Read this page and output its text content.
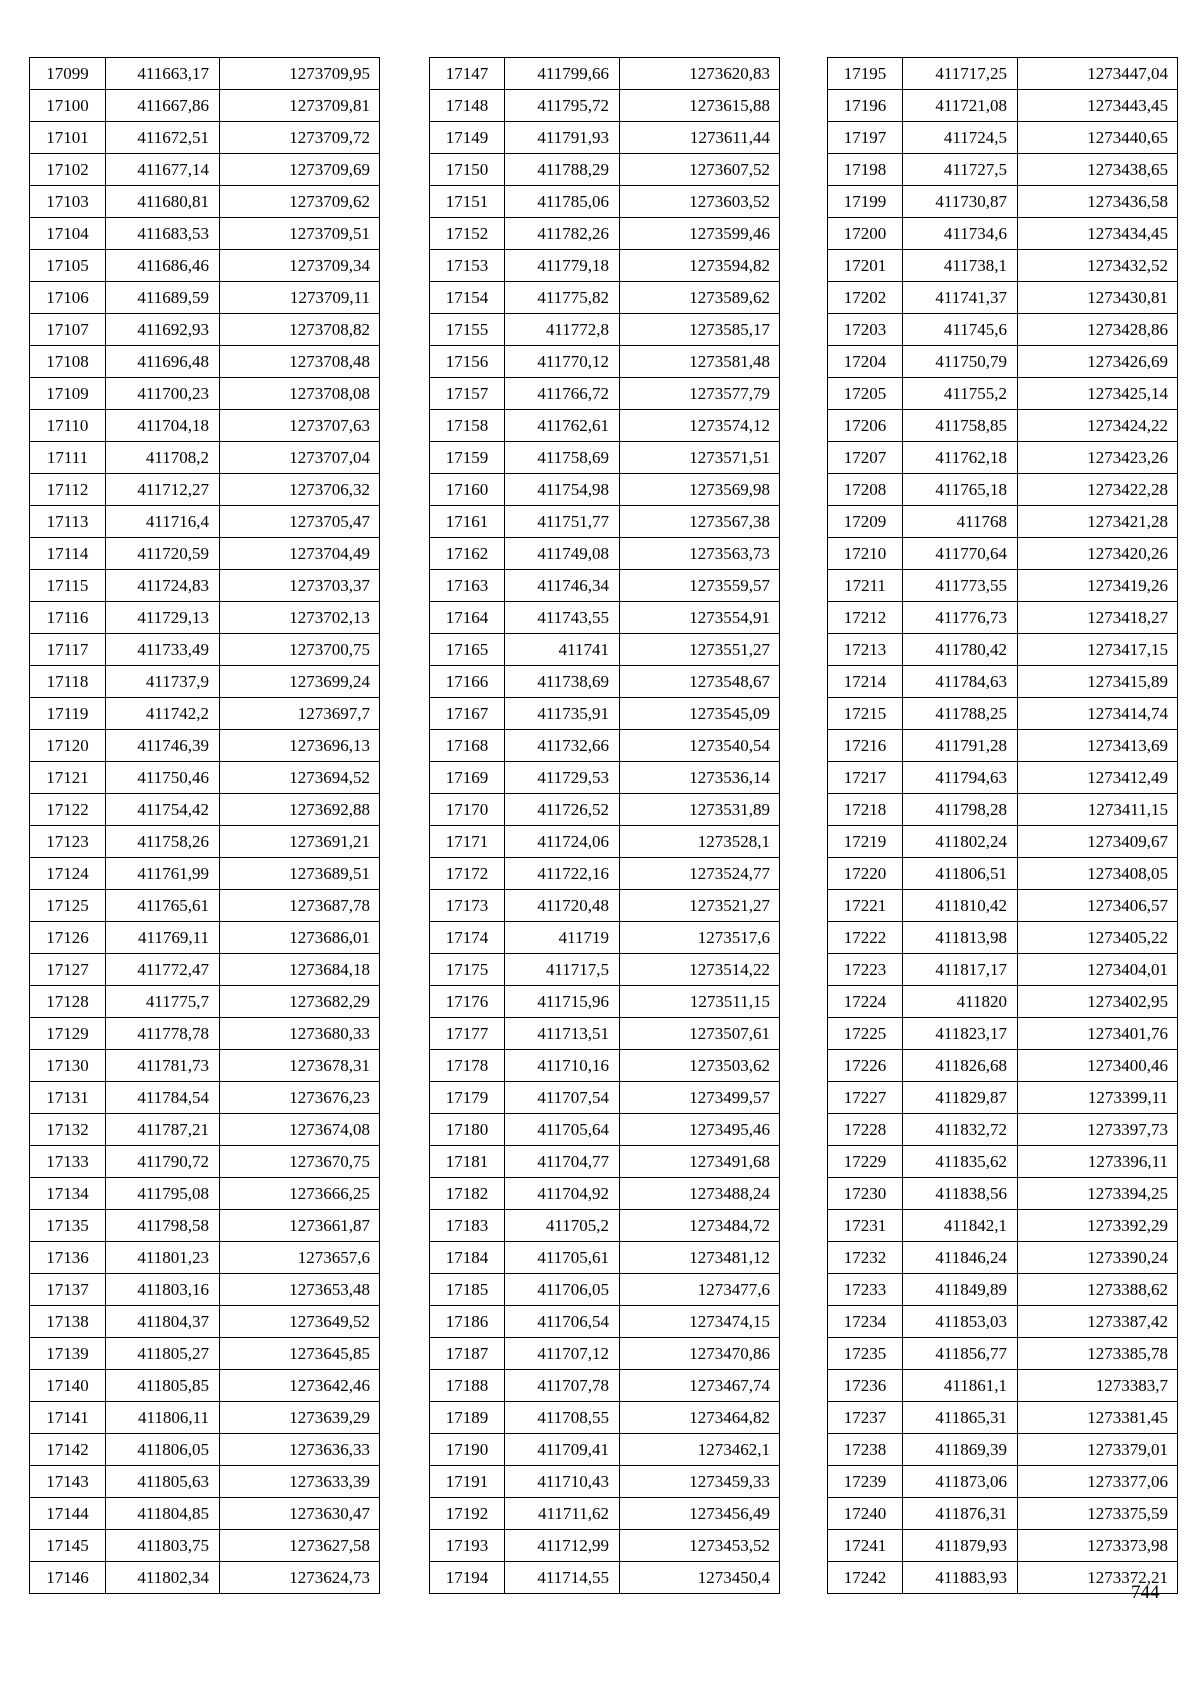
17099	411663,17	1273709,95
17100	411667,86	1273709,81
17101	411672,51	1273709,72
17102	411677,14	1273709,69
17103	411680,81	1273709,62
17104	411683,53	1273709,51
17105	411686,46	1273709,34
17106	411689,59	1273709,11
17107	411692,93	1273708,82
17108	411696,48	1273708,48
17109	411700,23	1273708,08
17110	411704,18	1273707,63
17111	411708,2	1273707,04
17112	411712,27	1273706,32
17113	411716,4	1273705,47
17114	411720,59	1273704,49
17115	411724,83	1273703,37
17116	411729,13	1273702,13
17117	411733,49	1273700,75
17118	411737,9	1273699,24
17119	411742,2	1273697,7
17120	411746,39	1273696,13
17121	411750,46	1273694,52
17122	411754,42	1273692,88
17123	411758,26	1273691,21
17124	411761,99	1273689,51
17125	411765,61	1273687,78
17126	411769,11	1273686,01
17127	411772,47	1273684,18
17128	411775,7	1273682,29
17129	411778,78	1273680,33
17130	411781,73	1273678,31
17131	411784,54	1273676,23
17132	411787,21	1273674,08
17133	411790,72	1273670,75
17134	411795,08	1273666,25
17135	411798,58	1273661,87
17136	411801,23	1273657,6
17137	411803,16	1273653,48
17138	411804,37	1273649,52
17139	411805,27	1273645,85
17140	411805,85	1273642,46
17141	411806,11	1273639,29
17142	411806,05	1273636,33
17143	411805,63	1273633,39
17144	411804,85	1273630,47
17145	411803,75	1273627,58
17146	411802,34	1273624,73
17147	411799,66	1273620,83
17148	411795,72	1273615,88
17149	411791,93	1273611,44
17150	411788,29	1273607,52
17151	411785,06	1273603,52
17152	411782,26	1273599,46
17153	411779,18	1273594,82
17154	411775,82	1273589,62
17155	411772,8	1273585,17
17156	411770,12	1273581,48
17157	411766,72	1273577,79
17158	411762,61	1273574,12
17159	411758,69	1273571,51
17160	411754,98	1273569,98
17161	411751,77	1273567,38
17162	411749,08	1273563,73
17163	411746,34	1273559,57
17164	411743,55	1273554,91
17165	411741	1273551,27
17166	411738,69	1273548,67
17167	411735,91	1273545,09
17168	411732,66	1273540,54
17169	411729,53	1273536,14
17170	411726,52	1273531,89
17171	411724,06	1273528,1
17172	411722,16	1273524,77
17173	411720,48	1273521,27
17174	411719	1273517,6
17175	411717,5	1273514,22
17176	411715,96	1273511,15
17177	411713,51	1273507,61
17178	411710,16	1273503,62
17179	411707,54	1273499,57
17180	411705,64	1273495,46
17181	411704,77	1273491,68
17182	411704,92	1273488,24
17183	411705,2	1273484,72
17184	411705,61	1273481,12
17185	411706,05	1273477,6
17186	411706,54	1273474,15
17187	411707,12	1273470,86
17188	411707,78	1273467,74
17189	411708,55	1273464,82
17190	411709,41	1273462,1
17191	411710,43	1273459,33
17192	411711,62	1273456,49
17193	411712,99	1273453,52
17194	411714,55	1273450,4
17195	411717,25	1273447,04
17196	411721,08	1273443,45
17197	411724,5	1273440,65
17198	411727,5	1273438,65
17199	411730,87	1273436,58
17200	411734,6	1273434,45
17201	411738,1	1273432,52
17202	411741,37	1273430,81
17203	411745,6	1273428,86
17204	411750,79	1273426,69
17205	411755,2	1273425,14
17206	411758,85	1273424,22
17207	411762,18	1273423,26
17208	411765,18	1273422,28
17209	411768	1273421,28
17210	411770,64	1273420,26
17211	411773,55	1273419,26
17212	411776,73	1273418,27
17213	411780,42	1273417,15
17214	411784,63	1273415,89
17215	411788,25	1273414,74
17216	411791,28	1273413,69
17217	411794,63	1273412,49
17218	411798,28	1273411,15
17219	411802,24	1273409,67
17220	411806,51	1273408,05
17221	411810,42	1273406,57
17222	411813,98	1273405,22
17223	411817,17	1273404,01
17224	411820	1273402,95
17225	411823,17	1273401,76
17226	411826,68	1273400,46
17227	411829,87	1273399,11
17228	411832,72	1273397,73
17229	411835,62	1273396,11
17230	411838,56	1273394,25
17231	411842,1	1273392,29
17232	411846,24	1273390,24
17233	411849,89	1273388,62
17234	411853,03	1273387,42
17235	411856,77	1273385,78
17236	411861,1	1273383,7
17237	411865,31	1273381,45
17238	411869,39	1273379,01
17239	411873,06	1273377,06
17240	411876,31	1273375,59
17241	411879,93	1273373,98
17242	411883,93	1273372,21
744
